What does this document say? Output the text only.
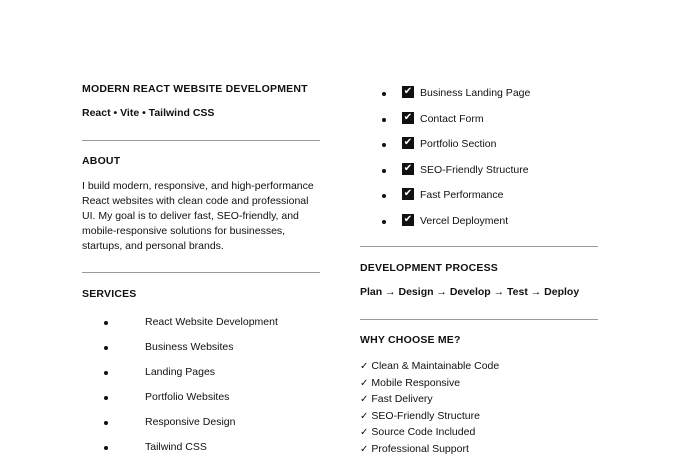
MODERN REACT WEBSITE DEVELOPMENT
React • Vite • Tailwind CSS
ABOUT
I build modern, responsive, and high-performance
React websites with clean code and professional
UI. My goal is to deliver fast, SEO-friendly, and
mobile-responsive solutions for businesses,
startups, and personal brands.
SERVICES
React Website Development
Business Websites
Landing Pages
Portfolio Websites
Responsive Design
Tailwind CSS
✔ Business Landing Page
✔ Contact Form
✔ Portfolio Section
✔ SEO-Friendly Structure
✔ Fast Performance
✔ Vercel Deployment
DEVELOPMENT PROCESS
Plan → Design → Develop → Test → Deploy
WHY CHOOSE ME?
✓ Clean & Maintainable Code
✓ Mobile Responsive
✓ Fast Delivery
✓ SEO-Friendly Structure
✓ Source Code Included
✓ Professional Support
